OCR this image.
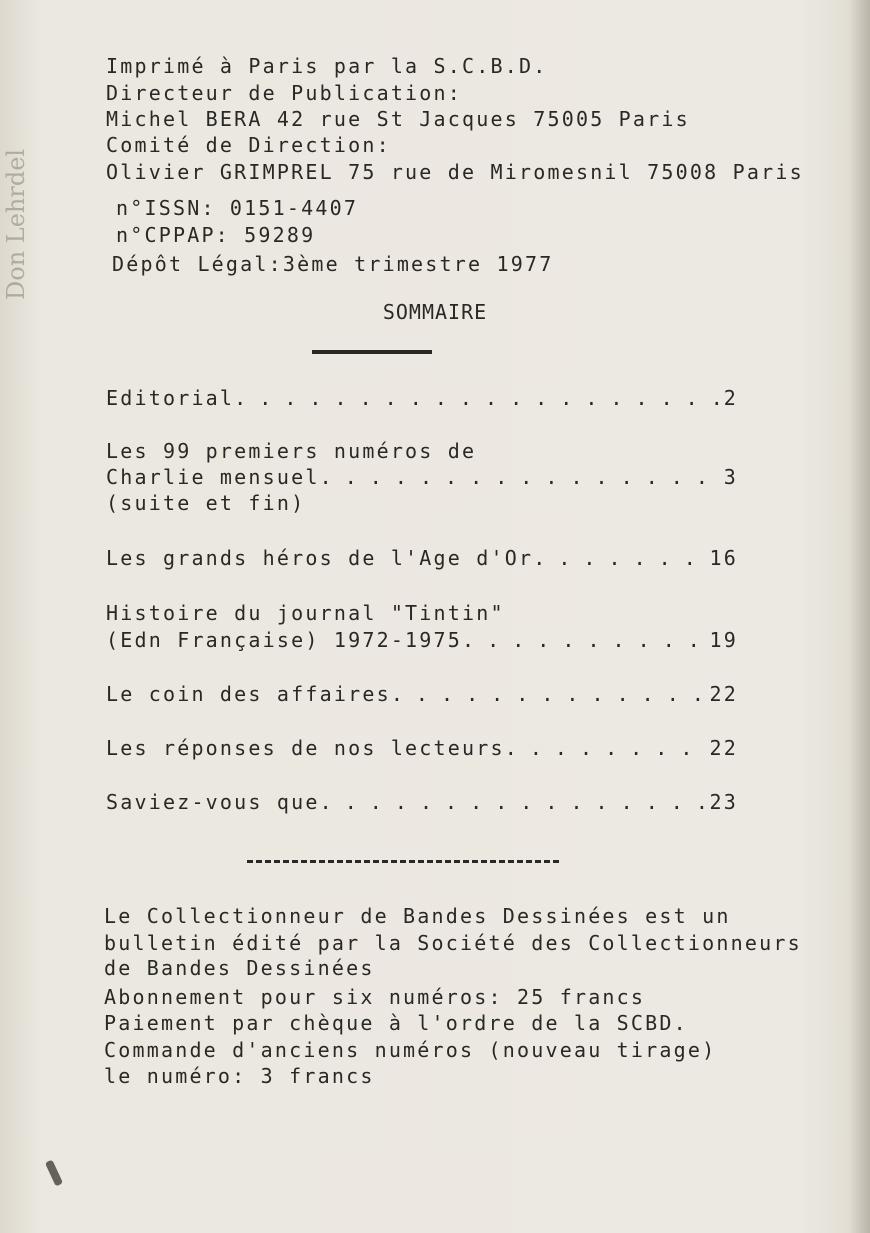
Don Lehrdel
Imprimé à Paris par la S.C.B.D.
Directeur de Publication:
Michel BERA 42 rue St Jacques 75005 Paris
Comité de Direction:
Olivier GRIMPREL 75 rue de Miromesnil 75008 Paris
n°ISSN: 0151-4407
n°CPPAP: 59289
Dépôt Légal:3ème trimestre 1977
SOMMAIRE
Editorial . . .	2
Les 99 premiers numéros de
Charlie mensuel . . .	3
(suite et fin)
Les grands héros de l'Age d'Or . . .	16
Histoire du journal "Tintin"
(Edn Française) 1972-1975 . . .	19
Le coin des affaires . . .	22
Les réponses de nos lecteurs . . .	22
Saviez-vous que . . .	23
Le Collectionneur de Bandes Dessinées est un
bulletin édité par la Société des Collectionneurs
de Bandes Dessinées
Abonnement pour six numéros: 25 francs
Paiement par chèque à l'ordre de la SCBD.
Commande d'anciens numéros (nouveau tirage)
le numéro: 3 francs
